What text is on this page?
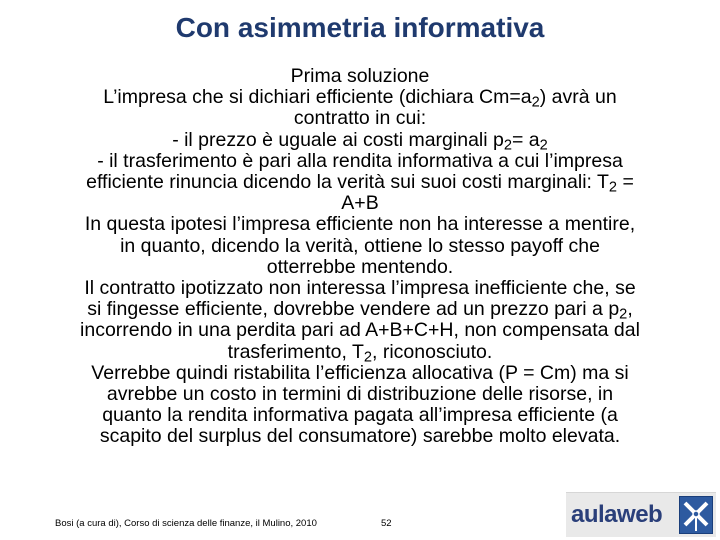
Con asimmetria informativa
Prima soluzione
L’impresa che si dichiari efficiente (dichiara $Cm=a_2$) avrà un
contratto in cui:
- il prezzo è uguale ai costi marginali $p_2= a_2$
- il trasferimento è pari alla rendita informativa a cui l’impresa
efficiente rinuncia dicendo la verità sui suoi costi marginali: $T_2$ =
A+B
In questa ipotesi l’impresa efficiente non ha interesse a mentire,
in quanto, dicendo la verità, ottiene lo stesso payoff che
otterrebbe mentendo.
Il contratto ipotizzato non interessa l’impresa inefficiente che, se
si fingesse efficiente, dovrebbe vendere ad un prezzo pari a $p_2$,
incorrendo in una perdita pari ad A+B+C+H, non compensata dal
trasferimento, $T_2$, riconosciuto.
Verrebbe quindi ristabilita l’efficienza allocativa (P = Cm) ma si
avrebbe un costo in termini di distribuzione delle risorse, in
quanto la rendita informativa pagata all’impresa efficiente (a
scapito del surplus del consumatore) sarebbe molto elevata.
Bosi (a cura di), Corso di scienza delle finanze, il Mulino, 2010	52	aulaweb
